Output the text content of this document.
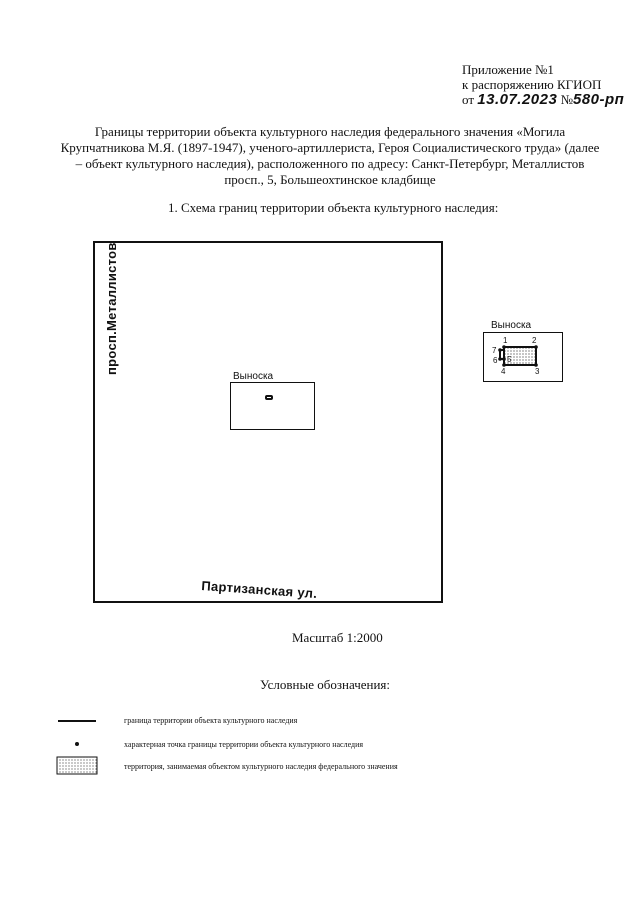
Приложение №1
к распоряжению КГИОП
от 13.07.2023 №580-рп
Границы территории объекта культурного наследия федерального значения «Могила Крупчатникова М.Я. (1897-1947), ученого-артиллериста, Героя Социалистического труда» (далее – объект культурного наследия), расположенного по адресу: Санкт-Петербург, Металлистов просп., 5, Большеохтинское кладбище
1. Схема границ территории объекта культурного наследия:
просп.Металлистов
Партизанская ул.
Выноска
Выноска
1	2
3
4
5
6
7
Масштаб 1:2000
Условные обозначения:
граница территории объекта культурного наследия
характерная точка границы территории объекта культурного наследия
территория, занимаемая объектом культурного наследия федерального значения
